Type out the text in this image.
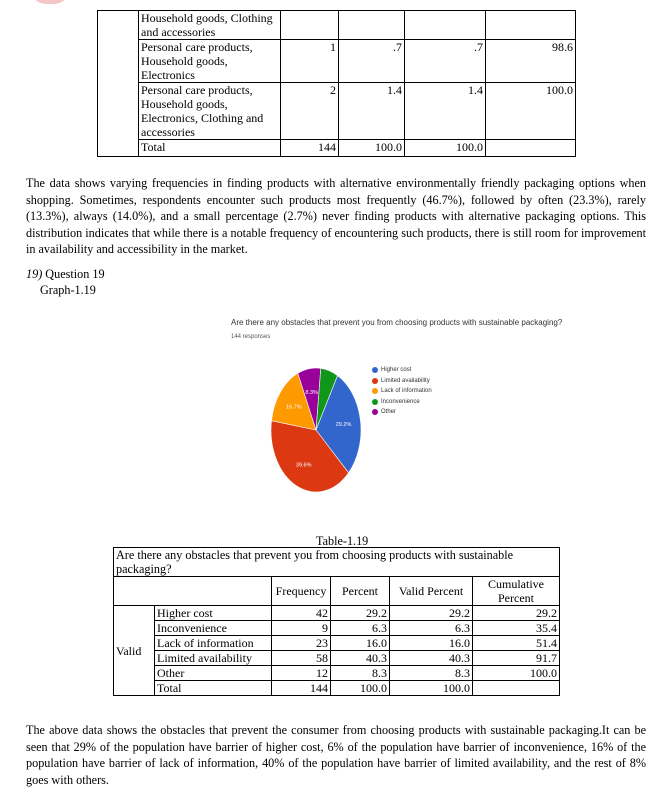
	Household goods, Clothing and accessories				
	Personal care products, Household goods, Electronics	1	.7	.7	98.6
	Personal care products, Household goods, Electronics, Clothing and accessories	2	1.4	1.4	100.0
	Total	144	100.0	100.0	

The data shows varying frequencies in finding products with alternative environmentally friendly packaging options when shopping. Sometimes, respondents encounter such products most frequently (46.7%), followed by often (23.3%), rarely (13.3%), always (14.0%), and a small percentage (2.7%) never finding products with alternative packaging options. This distribution indicates that while there is a notable frequency of encountering such products, there is still room for improvement in availability and accessibility in the market.

19) Question 19
Graph-1.19
Are there any obstacles that prevent you from choosing products with sustainable packaging?
144 responses
29.2%
39.6%
16.7%
8.3%
Higher cost
Limited availability
Lack of information
Inconvenience
Other
Table-1.19
Are there any obstacles that prevent you from choosing products with sustainable packaging?					
		Frequency	Percent	Valid Percent	Cumulative Percent
Valid	Higher cost	42	29.2	29.2	29.2
	Inconvenience	9	6.3	6.3	35.4
	Lack of information	23	16.0	16.0	51.4
	Limited availability	58	40.3	40.3	91.7
	Other	12	8.3	8.3	100.0
	Total	144	100.0	100.0	

The above data shows the obstacles that prevent the consumer from choosing products with sustainable packaging.It can be seen that 29% of the population have barrier of higher cost, 6% of the population have barrier of inconvenience, 16% of the population have barrier of lack of information, 40% of the population have barrier of limited availability, and the rest of 8% goes with others.
